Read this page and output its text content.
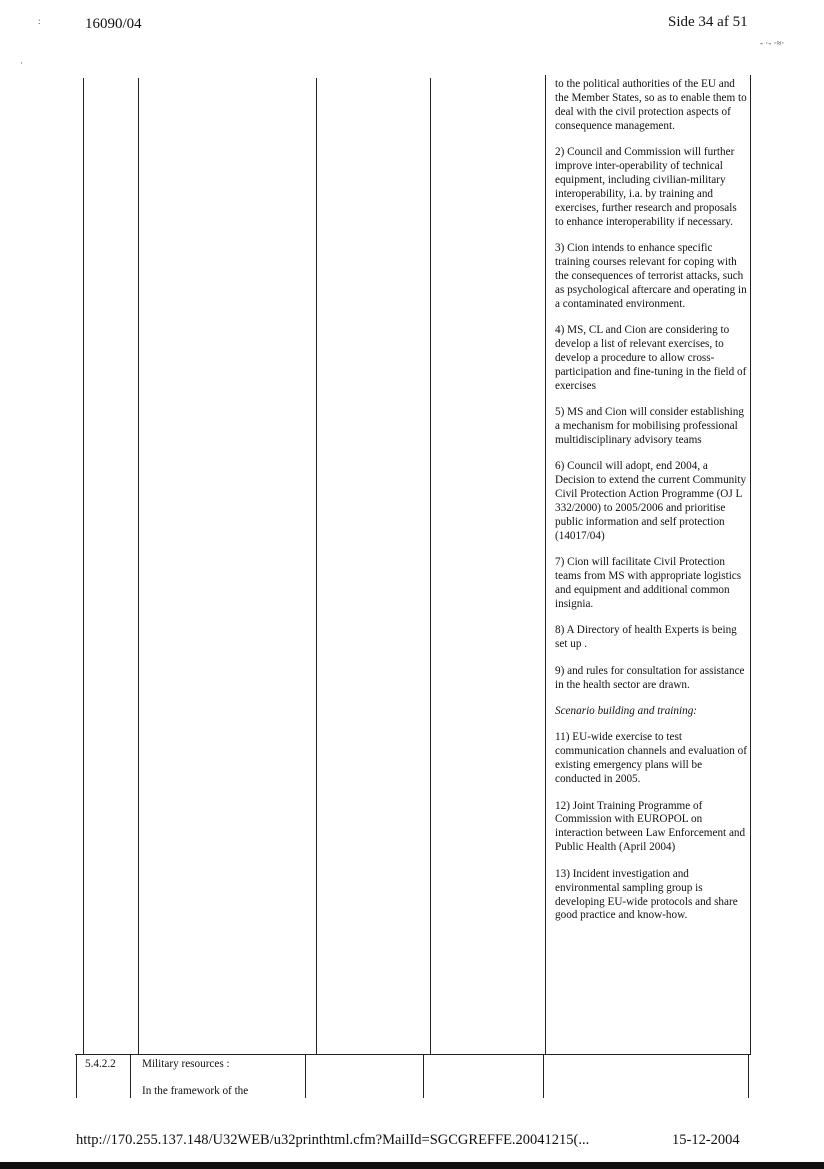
16090/04	Side 34 af 51
:
·
‐ ·‐ ·≈·

to the political authorities of the EU and the Member States, so as to enable them to deal with the civil protection aspects of consequence management.

2) Council and Commission will further improve inter-operability of technical equipment, including civilian-military interoperability, i.a. by training and exercises, further research and proposals to enhance interoperability if necessary.

3) Cion intends to enhance specific training courses relevant for coping with the consequences of terrorist attacks, such as psychological aftercare and operating in a contaminated environment.

4) MS, CL and Cion are considering to develop a list of relevant exercises, to develop a procedure to allow cross-participation and fine-tuning in the field of exercises

5) MS and Cion will consider establishing a mechanism for mobilising professional multidisciplinary advisory teams

6) Council will adopt, end 2004, a Decision to extend the current Community Civil Protection Action Programme (OJ L 332/2000) to 2005/2006 and prioritise public information and self protection (14017/04)

7) Cion will facilitate Civil Protection teams from MS with appropriate logistics and equipment and additional common insignia.

8) A Directory of health Experts is being set up .

9) and rules for consultation for assistance in the health sector are drawn.

Scenario building and training:

11) EU-wide exercise to test communication channels and evaluation of existing emergency plans will be conducted in 2005.

12) Joint Training Programme of Commission with EUROPOL on interaction between Law Enforcement and Public Health (April 2004)

13) Incident investigation and environmental sampling group is developing EU-wide protocols and share good practice and know-how.

5.4.2.2 Military resources :
In the framework of the
http://170.255.137.148/U32WEB/u32printhtml.cfm?MailId=SGCGREFFE.20041215(...	15-12-2004
